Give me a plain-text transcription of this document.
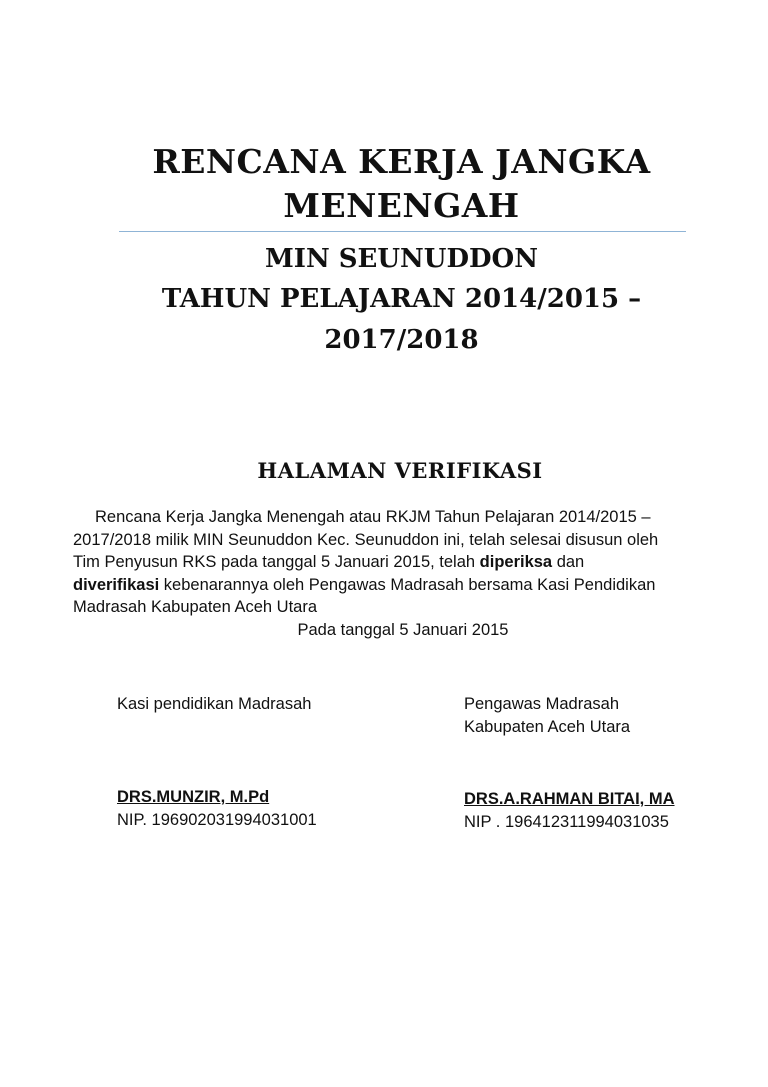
RENCANA KERJA JANGKA
MENENGAH
MIN SEUNUDDON
TAHUN PELAJARAN 2014/2015 –
2017/2018
HALAMAN VERIFIKASI
Rencana Kerja Jangka Menengah atau RKJM Tahun Pelajaran 2014/2015 –
2017/2018 milik MIN Seunuddon Kec. Seunuddon ini, telah selesai disusun oleh
Tim Penyusun RKS pada tanggal 5 Januari 2015, telah diperiksa dan
diverifikasi kebenarannya oleh Pengawas Madrasah bersama Kasi Pendidikan
Madrasah Kabupaten Aceh Utara
Pada tanggal 5 Januari 2015
Kasi pendidikan Madrasah
DRS.MUNZIR, M.Pd
NIP. 196902031994031001
Pengawas Madrasah
Kabupaten Aceh Utara
DRS.A.RAHMAN BITAI, MA
NIP . 196412311994031035
